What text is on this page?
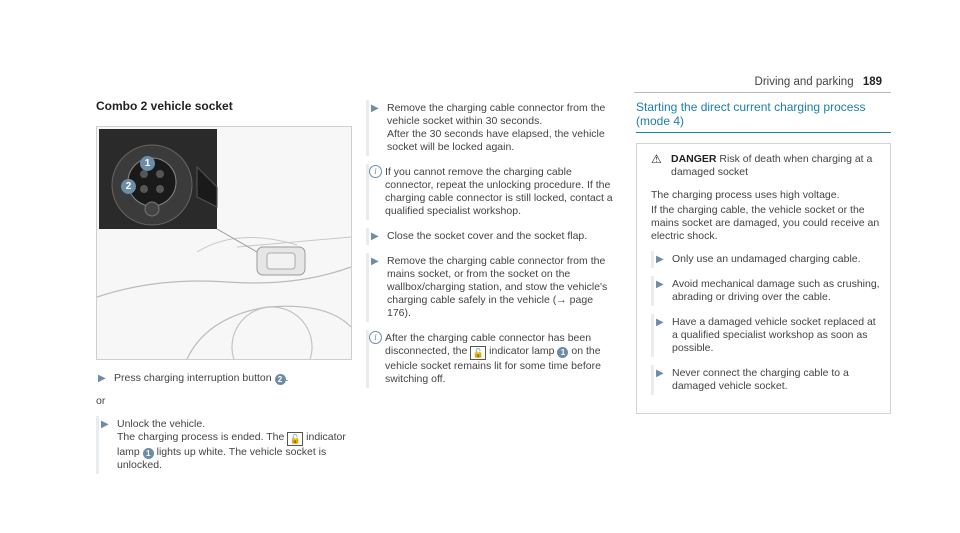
Driving and parking 189
Combo 2 vehicle socket
1
2
▶ Press charging interruption button 2 .
or
▶ Unlock the vehicle.
The charging process is ended. The 🔓 indicator lamp 1 lights up white. The vehicle socket is unlocked.
▶ Remove the charging cable connector from the vehicle socket within 30 seconds.
After the 30 seconds have elapsed, the vehicle socket will be locked again.
i If you cannot remove the charging cable connector, repeat the unlocking procedure. If the charging cable connector is still locked, contact a qualified specialist workshop.
▶ Close the socket cover and the socket flap.
▶ Remove the charging cable connector from the mains socket, or from the socket on the wallbox/charging station, and stow the vehicle's charging cable safely in the vehicle (→ page 176).
i After the charging cable connector has been disconnected, the 🔓 indicator lamp 1 on the vehicle socket remains lit for some time before switching off.
Starting the direct current charging process (mode 4)
⚠ DANGER Risk of death when charging at a damaged socket

The charging process uses high voltage.

If the charging cable, the vehicle socket or the mains socket are damaged, you could receive an electric shock.

▶ Only use an undamaged charging cable.
▶ Avoid mechanical damage such as crushing, abrading or driving over the cable.
▶ Have a damaged vehicle socket replaced at a qualified specialist workshop as soon as possible.
▶ Never connect the charging cable to a damaged vehicle socket.
